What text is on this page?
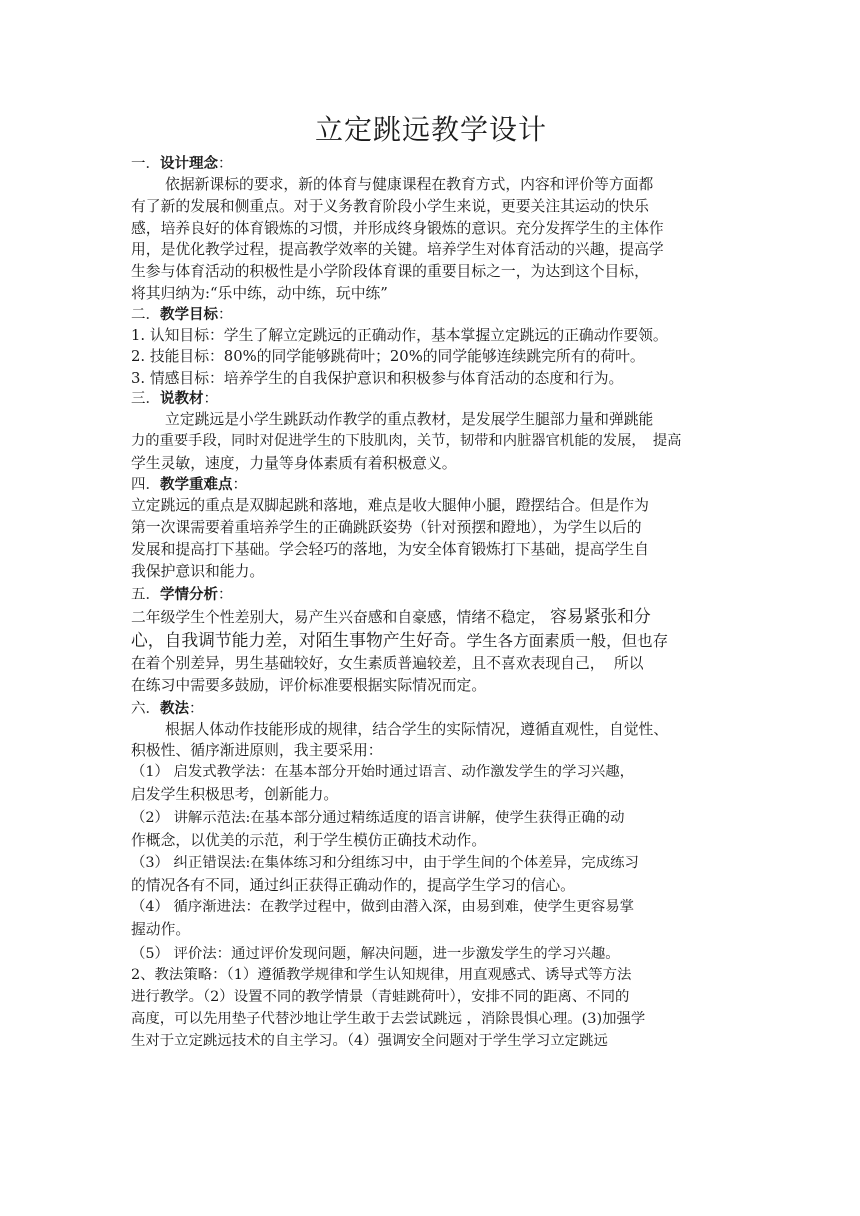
立定跳远教学设计

一．设计理念：

依据新课标的要求，新的体育与健康课程在教育方式，内容和评价等方面都

有了新的发展和侧重点。对于义务教育阶段小学生来说，更要关注其运动的快乐

感，培养良好的体育锻炼的习惯，并形成终身锻炼的意识。充分发挥学生的主体作

用，是优化教学过程，提高教学效率的关键。培养学生对体育活动的兴趣，提高学

生参与体育活动的积极性是小学阶段体育课的重要目标之一，为达到这个目标，

将其归纳为:“乐中练，动中练，玩中练”

二．教学目标：

1. 认知目标：学生了解立定跳远的正确动作，基本掌握立定跳远的正确动作要领。

2. 技能目标：80%的同学能够跳荷叶；20%的同学能够连续跳完所有的荷叶。

3. 情感目标：培养学生的自我保护意识和积极参与体育活动的态度和行为。

三．说教材：

立定跳远是小学生跳跃动作教学的重点教材，是发展学生腿部力量和弹跳能

力的重要手段，同时对促进学生的下肢肌肉，关节，韧带和内脏器官机能的发展，　提高

学生灵敏，速度，力量等身体素质有着积极意义。

四．教学重难点：

立定跳远的重点是双脚起跳和落地，难点是收大腿伸小腿，蹬摆结合。但是作为

第一次课需要着重培养学生的正确跳跃姿势（针对预摆和蹬地），为学生以后的

发展和提高打下基础。学会轻巧的落地，为安全体育锻炼打下基础，提高学生自

我保护意识和能力。

五．学情分析：

二年级学生个性差别大，易产生兴奋感和自豪感，情绪不稳定， 容易紧张和分

心，自我调节能力差，对陌生事物产生好奇。学生各方面素质一般，但也存

在着个别差异，男生基础较好，女生素质普遍较差，且不喜欢表现自己，  所以

在练习中需要多鼓励，评价标准要根据实际情况而定。

六．教法：

根据人体动作技能形成的规律，结合学生的实际情况，遵循直观性，自觉性、

积极性、循序渐进原则，我主要采用：

（1） 启发式教学法：在基本部分开始时通过语言、动作激发学生的学习兴趣，

启发学生积极思考，创新能力。

（2） 讲解示范法:在基本部分通过精练适度的语言讲解，使学生获得正确的动

作概念，以优美的示范，利于学生模仿正确技术动作。

（3） 纠正错误法:在集体练习和分组练习中，由于学生间的个体差异，完成练习

的情况各有不同，通过纠正获得正确动作的，提高学生学习的信心。

（4） 循序渐进法：在教学过程中，做到由潜入深，由易到难，使学生更容易掌

握动作。

（5） 评价法：通过评价发现问题，解决问题，进一步激发学生的学习兴趣。

2、教法策略：（1）遵循教学规律和学生认知规律，用直观感式、诱导式等方法

进行教学。（2）设置不同的教学情景（青蛙跳荷叶），安排不同的距离、不同的

高度，可以先用垫子代替沙地让学生敢于去尝试跳远 ，消除畏惧心理。(3)加强学

生对于立定跳远技术的自主学习。（4）强调安全问题对于学生学习立定跳远
